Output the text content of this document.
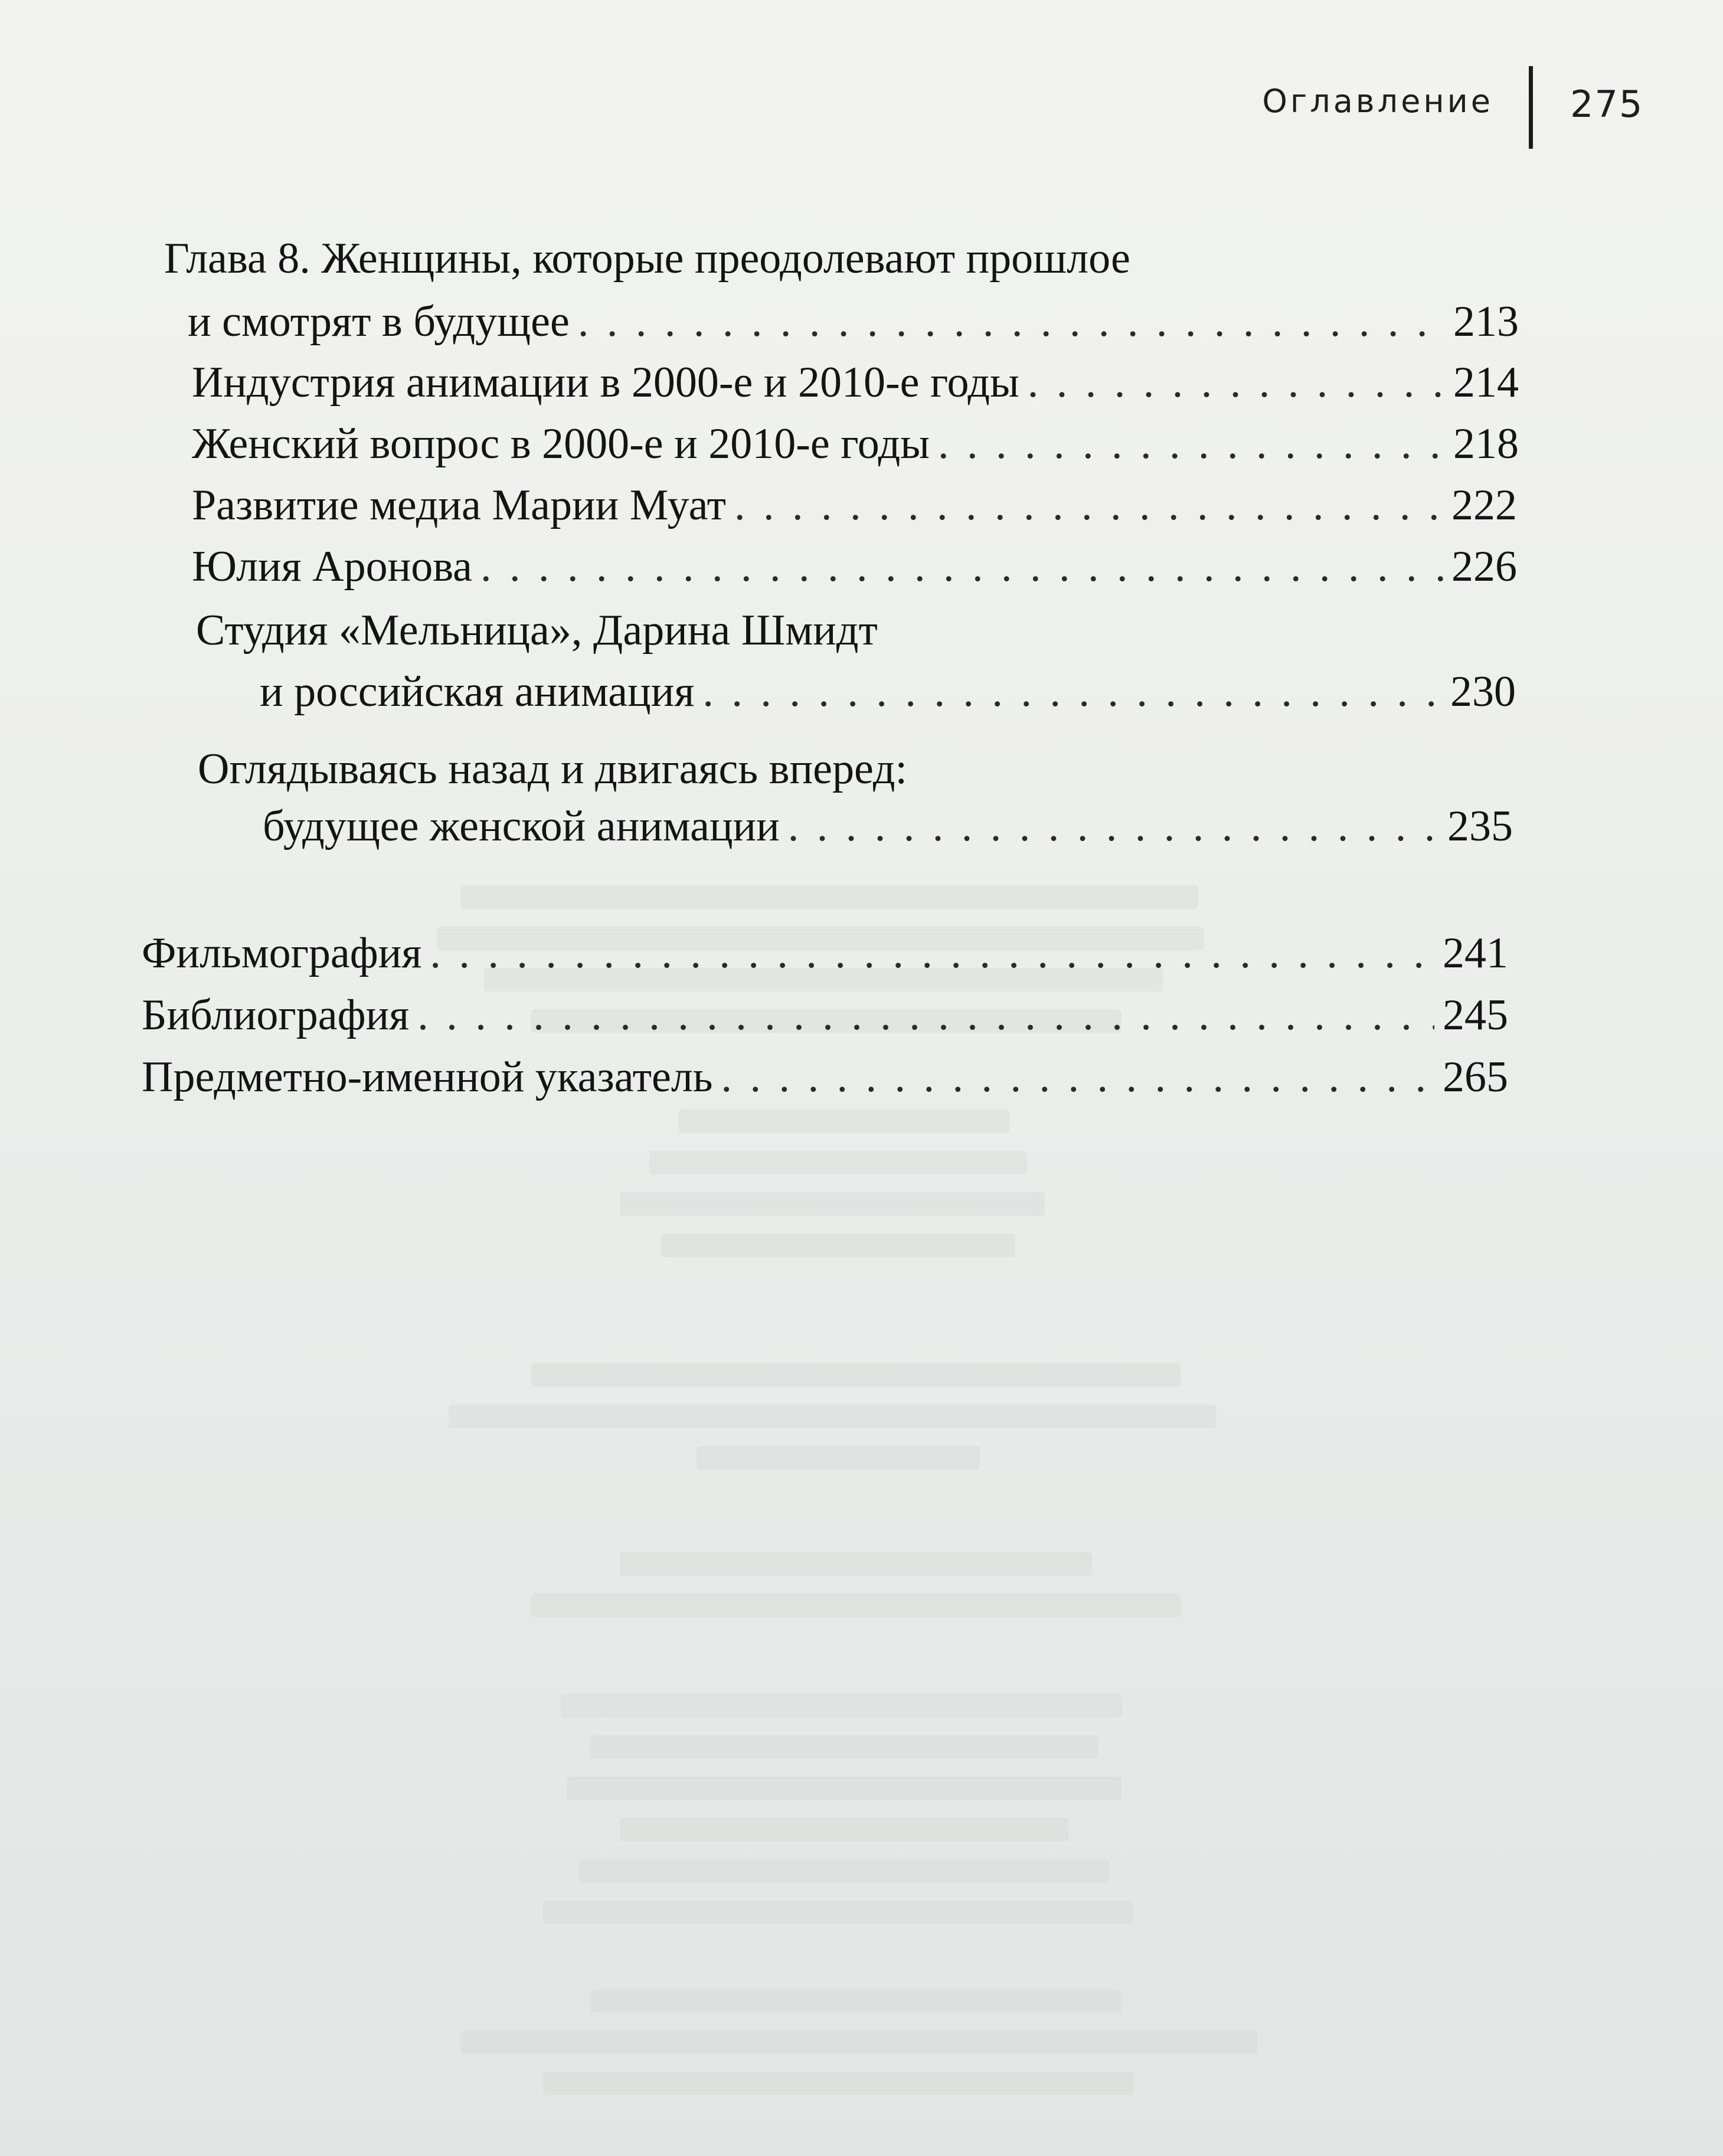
Оглавление 275
Глава 8. Женщины, которые преодолевают прошлое
и смотрят в будущее . . .	213
Индустрия анимации в 2000-е и 2010-е годы . . .	214
Женский вопрос в 2000-е и 2010-е годы . . .	218
Развитие медиа Марии Муат . . .	222
Юлия Аронова . . .	226
Студия «Мельница», Дарина Шмидт
и российская анимация . . .	230
Оглядываясь назад и двигаясь вперед:
будущее женской анимации . . .	235
Фильмография . . .	241
Библиография . . .	245
Предметно-именной указатель . . .	265
